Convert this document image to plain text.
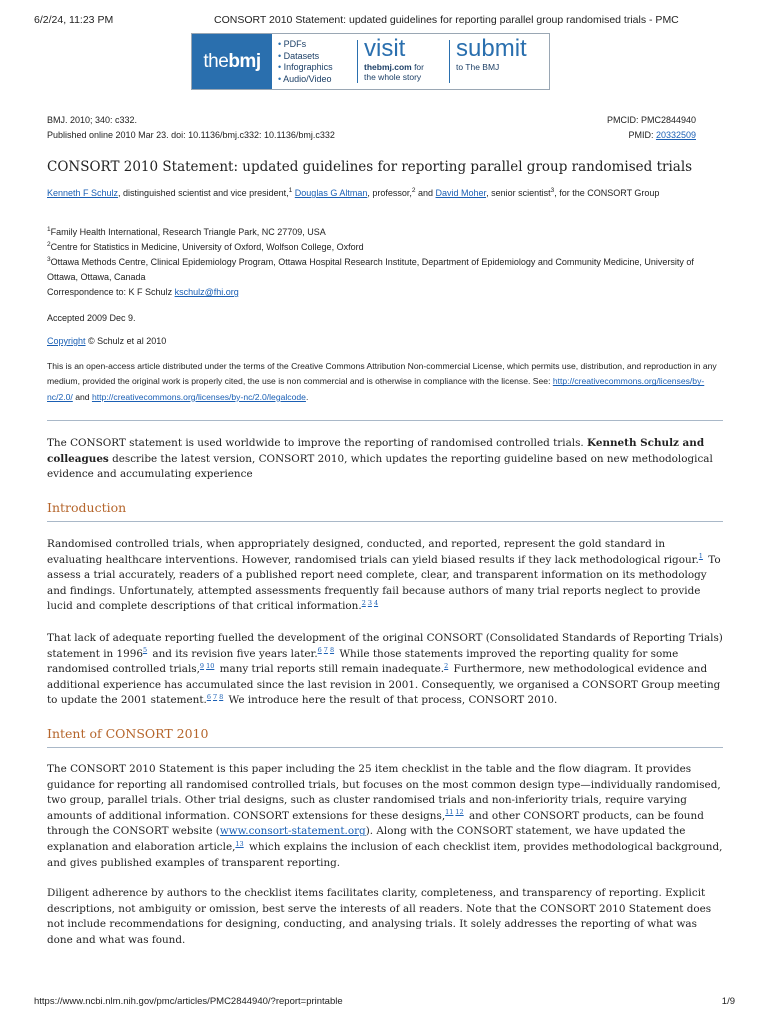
6/2/24, 11:23 PM	CONSORT 2010 Statement: updated guidelines for reporting parallel group randomised trials - PMC
thebmj
• PDFs
• Datasets
• Infographics
• Audio/Video
visit
thebmj.com for
the whole story
submit
to The BMJ
BMJ. 2010; 340: c332.
Published online 2010 Mar 23. doi: 10.1136/bmj.c332: 10.1136/bmj.c332
PMCID: PMC2844940
PMID: 20332509
CONSORT 2010 Statement: updated guidelines for reporting parallel group randomised trials
Kenneth F Schulz, distinguished scientist and vice president,$^1$ Douglas G Altman, professor,$^2$ and David Moher, senior scientist$^3$, for the CONSORT Group
$^1$Family Health International, Research Triangle Park, NC 27709, USA
$^2$Centre for Statistics in Medicine, University of Oxford, Wolfson College, Oxford
$^3$Ottawa Methods Centre, Clinical Epidemiology Program, Ottawa Hospital Research Institute, Department of Epidemiology and Community Medicine, University of Ottawa, Ottawa, Canada
Correspondence to: K F Schulz kschulz@fhi.org
Accepted 2009 Dec 9.
Copyright © Schulz et al 2010
This is an open-access article distributed under the terms of the Creative Commons Attribution Non-commercial License, which permits use, distribution, and reproduction in any medium, provided the original work is properly cited, the use is non commercial and is otherwise in compliance with the license. See: http://creativecommons.org/licenses/by-nc/2.0/ and http://creativecommons.org/licenses/by-nc/2.0/legalcode.
The CONSORT statement is used worldwide to improve the reporting of randomised controlled trials. Kenneth Schulz and colleagues describe the latest version, CONSORT 2010, which updates the reporting guideline based on new methodological evidence and accumulating experience
Introduction
Randomised controlled trials, when appropriately designed, conducted, and reported, represent the gold standard in evaluating healthcare interventions. However, randomised trials can yield biased results if they lack methodological rigour.$^1$ To assess a trial accurately, readers of a published report need complete, clear, and transparent information on its methodology and findings. Unfortunately, attempted assessments frequently fail because authors of many trial reports neglect to provide lucid and complete descriptions of that critical information.$^{2 3 4}$
That lack of adequate reporting fuelled the development of the original CONSORT (Consolidated Standards of Reporting Trials) statement in 1996$^5$ and its revision five years later.$^{6 7 8}$ While those statements improved the reporting quality for some randomised controlled trials,$^{9 10}$ many trial reports still remain inadequate.$^2$ Furthermore, new methodological evidence and additional experience has accumulated since the last revision in 2001. Consequently, we organised a CONSORT Group meeting to update the 2001 statement.$^{6 7 8}$ We introduce here the result of that process, CONSORT 2010.
Intent of CONSORT 2010
The CONSORT 2010 Statement is this paper including the 25 item checklist in the table and the flow diagram. It provides guidance for reporting all randomised controlled trials, but focuses on the most common design type—individually randomised, two group, parallel trials. Other trial designs, such as cluster randomised trials and non-inferiority trials, require varying amounts of additional information. CONSORT extensions for these designs,$^{11 12}$ and other CONSORT products, can be found through the CONSORT website (www.consort-statement.org). Along with the CONSORT statement, we have updated the explanation and elaboration article,$^{13}$ which explains the inclusion of each checklist item, provides methodological background, and gives published examples of transparent reporting.
Diligent adherence by authors to the checklist items facilitates clarity, completeness, and transparency of reporting. Explicit descriptions, not ambiguity or omission, best serve the interests of all readers. Note that the CONSORT 2010 Statement does not include recommendations for designing, conducting, and analysing trials. It solely addresses the reporting of what was done and what was found.
https://www.ncbi.nlm.nih.gov/pmc/articles/PMC2844940/?report=printable	1/9
